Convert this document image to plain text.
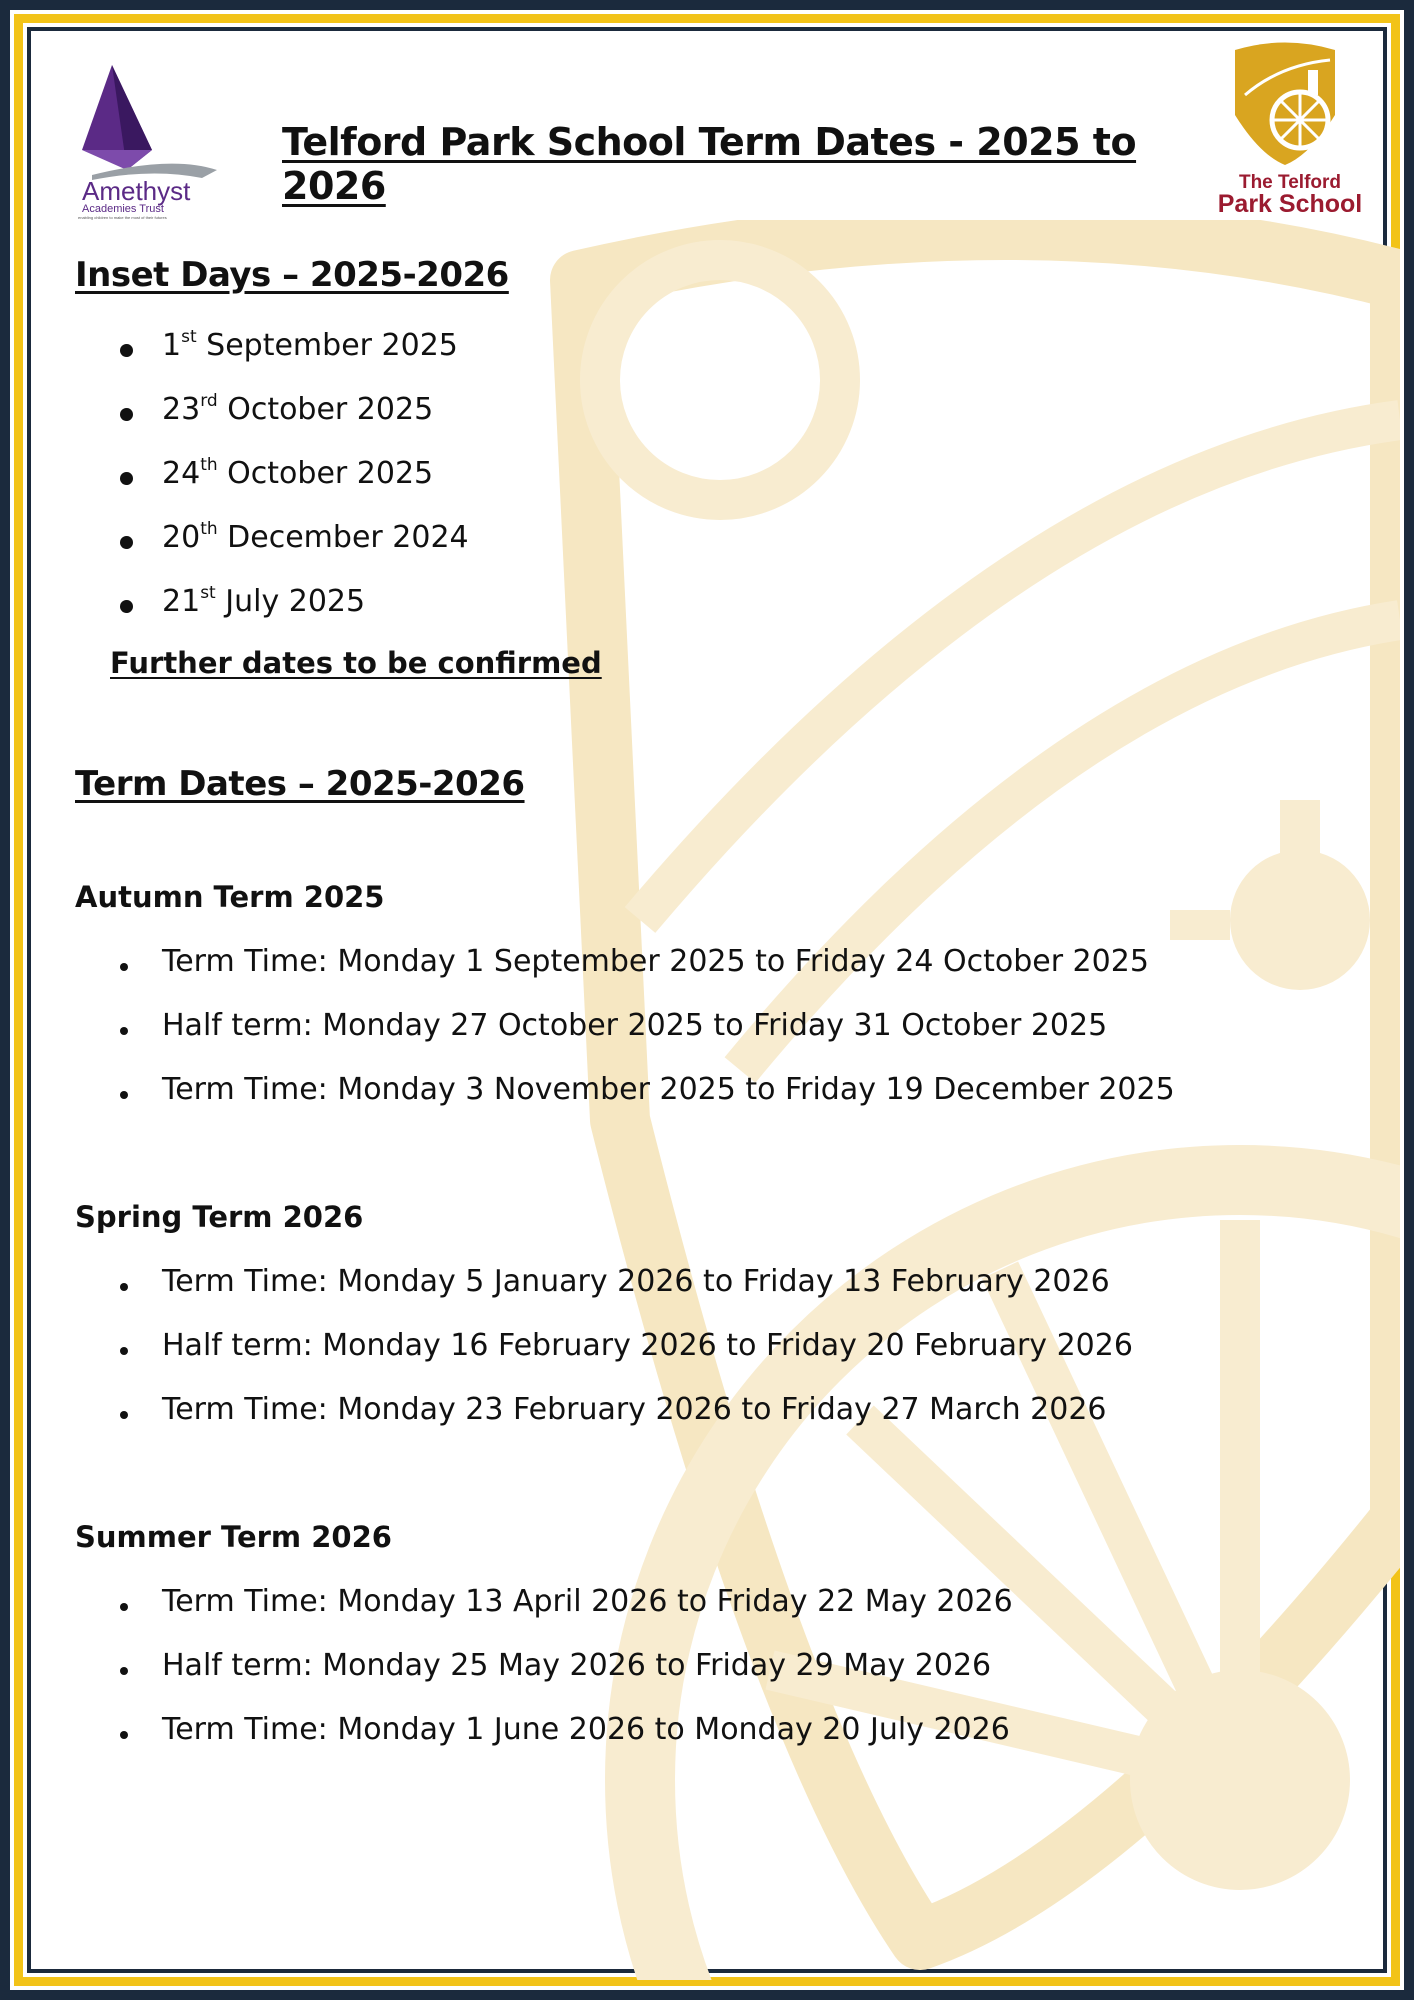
Amethyst
Academies Trust
enabling children to make the most of their futures
The Telford
Park School
Telford Park School Term Dates - 2025 to 2026
Inset Days – 2025-2026
1st September 2025
23rd October 2025
24th October 2025
20th December 2024
21st July 2025
Further dates to be confirmed
Term Dates – 2025-2026
Autumn Term 2025
Term Time: Monday 1 September 2025 to Friday 24 October 2025
Half term: Monday 27 October 2025 to Friday 31 October 2025
Term Time: Monday 3 November 2025 to Friday 19 December 2025
Spring Term 2026
Term Time: Monday 5 January 2026 to Friday 13 February 2026
Half term: Monday 16 February 2026 to Friday 20 February 2026
Term Time: Monday 23 February 2026 to Friday 27 March 2026
Summer Term 2026
Term Time: Monday 13 April 2026 to Friday 22 May 2026
Half term: Monday 25 May 2026 to Friday 29 May 2026
Term Time: Monday 1 June 2026 to Monday 20 July 2026
